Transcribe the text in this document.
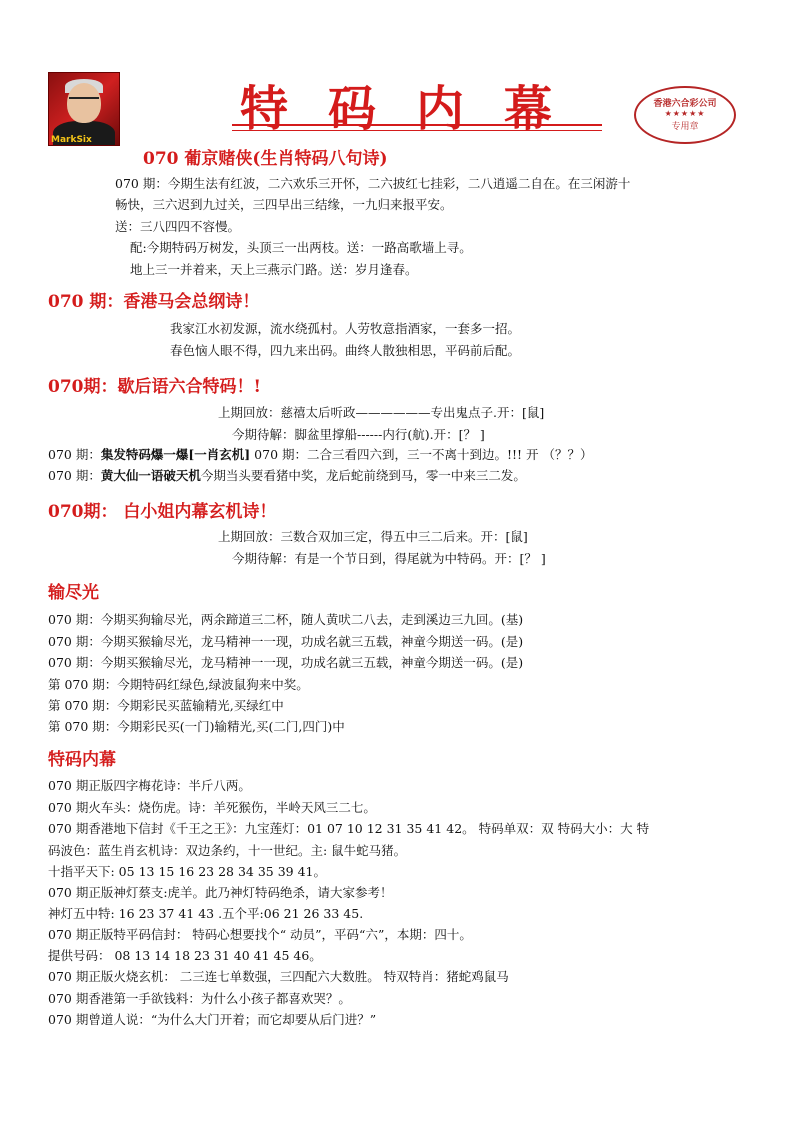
MarkSix
特码内幕	香港六合彩公司
★★★★★
专用章
070 葡京赌侠(生肖特码八句诗)
070 期：今期生法有红波，二六欢乐三开怀，二六披红七挂彩，二八逍遥二自在。在三闲游十
畅快，三六迟到九过关，三四早出三结缘，一九归来报平安。
送：三八四四不容慢。
配:今期特码万树发，头顶三一出两枝。送：一路高歌墙上寻。
地上三一并着来，天上三燕示门路。送：岁月逢春。
070 期：香港马会总纲诗！
我家江水初发源，流水绕孤村。人劳牧意指酒家，一套多一招。
春色恼人眼不得，四九来出码。曲终人散独相思，平码前后配。
070期：歇后语六合特码！!
上期回放：慈禧太后听政——————专出鬼点子.开：[鼠]
今期待解：脚盆里撑船------内行(航).开：[？ ]
070 期：集发特码爆一爆[一肖玄机] 070 期：二合三看四六到，三一不离十到边。!!! 开 （？？）
070 期：黄大仙一语破天机今期当头要看猪中奖，龙后蛇前绕到马，零一中来三二发。
070期： 白小姐内幕玄机诗！
上期回放：三数合双加三定，得五中三二后来。开：[鼠]
今期待解：有是一个节日到，得尾就为中特码。开：[？ ]
输尽光
070 期：今期买狗输尽光，两余蹄道三二杯，随人黄吠二八去，走到溪边三九回。(基)
070 期：今期买猴输尽光，龙马精神一一现，功成名就三五载，神童今期送一码。(是)
070 期：今期买猴输尽光，龙马精神一一现，功成名就三五载，神童今期送一码。(是)
第 070 期：今期特码红绿色,绿波鼠狗来中奖。
第 070 期：今期彩民买蓝输精光,买绿红中
第 070 期：今期彩民买(一门)输精光,买(二门,四门)中
特码内幕
070 期正版四字梅花诗：半斤八两。
070 期火车头：烧伤虎。诗：羊死猴伤，半岭天风三二七。
070 期香港地下信封《千王之王》：九宝莲灯：01 07 10 12 31 35 41 42。 特码单双：双 特码大小：大 特
码波色：蓝生肖玄机诗：双边条约，十一世纪。主: 鼠牛蛇马猪。
十指平天下: 05 13 15 16 23 28 34 35 39 41。
070 期正版神灯蔡支:虎羊。此乃神灯特码绝杀，请大家参考！
神灯五中特: 16 23 37 41 43 .五个平:06 21 26 33 45.
070 期正版特平码信封： 特码心想要找个“ 动员”，平码“六”，本期：四十。
提供号码： 08 13 14 18 23 31 40 41 45 46。
070 期正版火烧玄机： 二三连七单数强，三四配六大数胜。 特双特肖：猪蛇鸡鼠马
070 期香港第一手欲钱料：为什么小孩子都喜欢哭？。
070 期曾道人说：“为什么大门开着；而它却要从后门进？”
